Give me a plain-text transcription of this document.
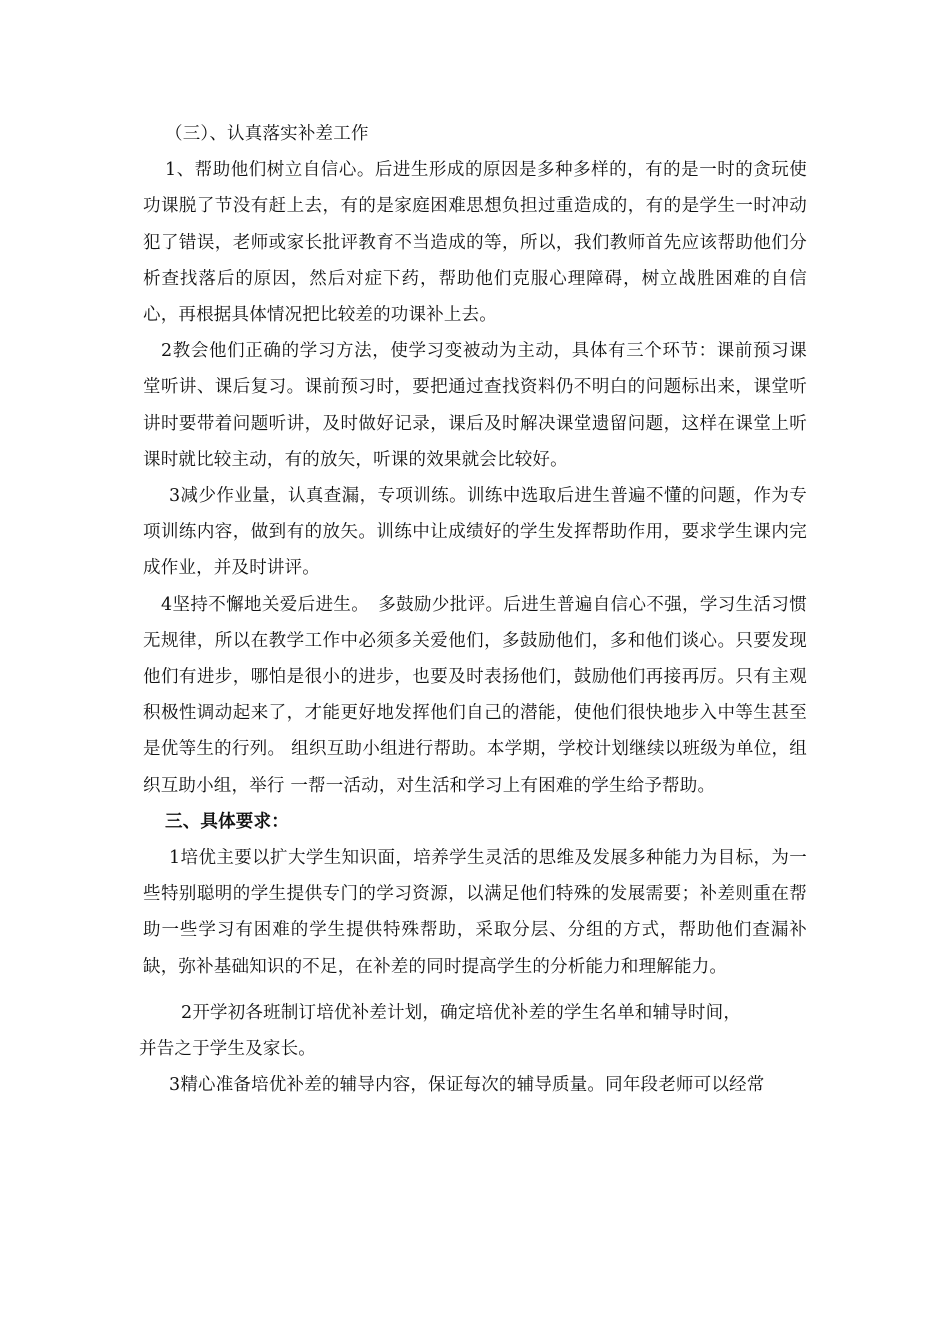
（三）、认真落实补差工作

1、帮助他们树立自信心。后进生形成的原因是多种多样的，有的是一时的贪玩使功课脱了节没有赶上去，有的是家庭困难思想负担过重造成的，有的是学生一时冲动犯了错误，老师或家长批评教育不当造成的等，所以，我们教师首先应该帮助他们分析查找落后的原因，然后对症下药，帮助他们克服心理障碍，树立战胜困难的自信心，再根据具体情况把比较差的功课补上去。

2教会他们正确的学习方法，使学习变被动为主动，具体有三个环节：课前预习课堂听讲、课后复习。课前预习时，要把通过查找资料仍不明白的问题标出来，课堂听讲时要带着问题听讲，及时做好记录，课后及时解决课堂遗留问题，这样在课堂上听课时就比较主动，有的放矢，听课的效果就会比较好。

3减少作业量，认真查漏，专项训练。训练中选取后进生普遍不懂的问题，作为专项训练内容，做到有的放矢。训练中让成绩好的学生发挥帮助作用，要求学生课内完成作业，并及时讲评。

4坚持不懈地关爱后进生。　多鼓励少批评。后进生普遍自信心不强，学习生活习惯无规律，所以在教学工作中必须多关爱他们，多鼓励他们，多和他们谈心。只要发现他们有进步，哪怕是很小的进步，也要及时表扬他们，鼓励他们再接再厉。只有主观积极性调动起来了，才能更好地发挥他们自己的潜能，使他们很快地步入中等生甚至是优等生的行列。 组织互助小组进行帮助。本学期，学校计划继续以班级为单位，组织互助小组，举行 一帮一活动，对生活和学习上有困难的学生给予帮助。

三、具体要求：

1培优主要以扩大学生知识面，培养学生灵活的思维及发展多种能力为目标，为一些特别聪明的学生提供专门的学习资源，以满足他们特殊的发展需要；补差则重在帮助一些学习有困难的学生提供特殊帮助，采取分层、分组的方式，帮助他们查漏补缺，弥补基础知识的不足，在补差的同时提高学生的分析能力和理解能力。

2开学初各班制订培优补差计划，确定培优补差的学生名单和辅导时间，

并告之于学生及家长。

3精心准备培优补差的辅导内容，保证每次的辅导质量。同年段老师可以经常
